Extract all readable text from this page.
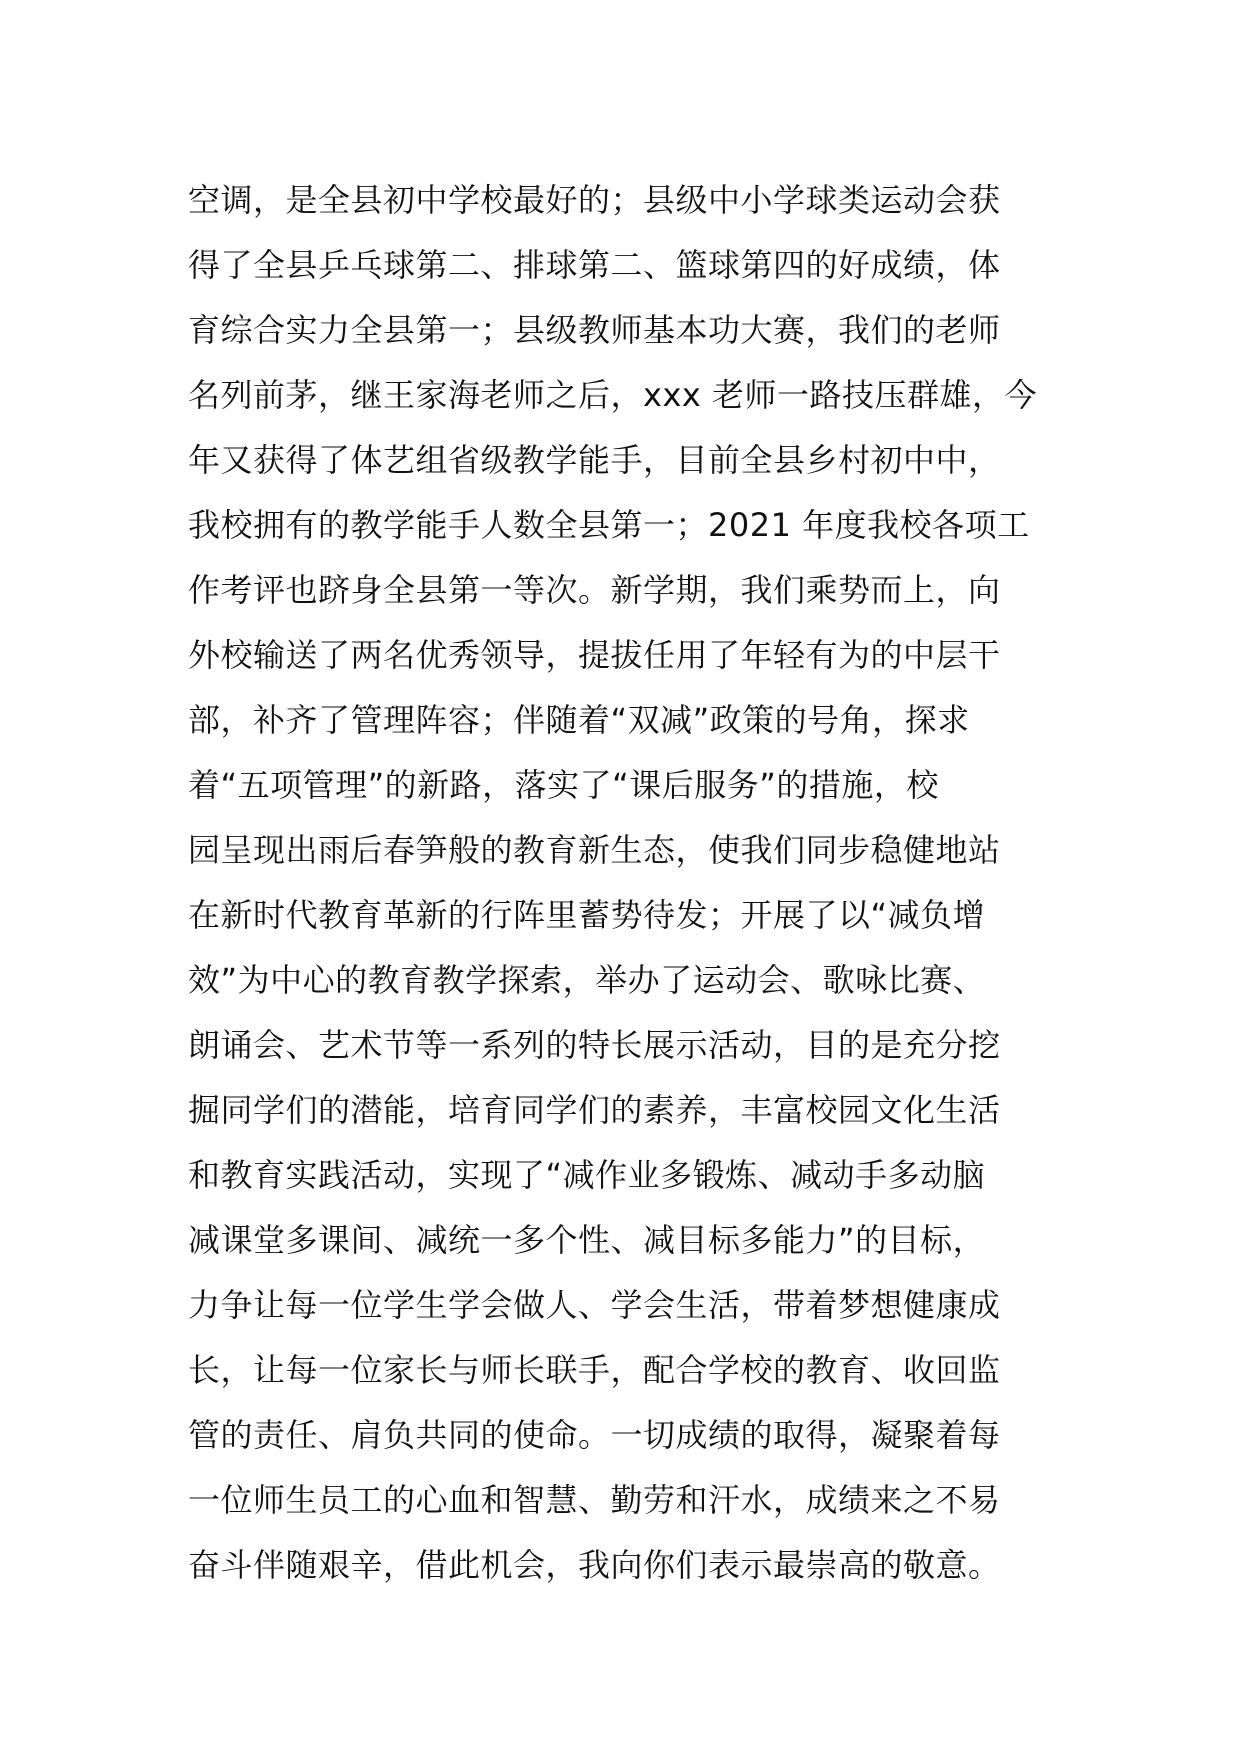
空调，是全县初中学校最好的；县级中小学球类运动会获
得了全县乒乓球第二、排球第二、篮球第四的好成绩，体
育综合实力全县第一；县级教师基本功大赛，我们的老师
名列前茅，继王家海老师之后，xxx 老师一路技压群雄，今
年又获得了体艺组省级教学能手，目前全县乡村初中中，
我校拥有的教学能手人数全县第一；2021 年度我校各项工
作考评也跻身全县第一等次。新学期，我们乘势而上，向
外校输送了两名优秀领导，提拔任用了年轻有为的中层干
部，补齐了管理阵容；伴随着“双减”政策的号角，探求
着“五项管理”的新路，落实了“课后服务”的措施，校
园呈现出雨后春笋般的教育新生态，使我们同步稳健地站
在新时代教育革新的行阵里蓄势待发；开展了以“减负增
效”为中心的教育教学探索，举办了运动会、歌咏比赛、
朗诵会、艺术节等一系列的特长展示活动，目的是充分挖
掘同学们的潜能，培育同学们的素养，丰富校园文化生活
和教育实践活动，实现了“减作业多锻炼、减动手多动脑
减课堂多课间、减统一多个性、减目标多能力”的目标，
力争让每一位学生学会做人、学会生活，带着梦想健康成
长，让每一位家长与师长联手，配合学校的教育、收回监
管的责任、肩负共同的使命。一切成绩的取得，凝聚着每
一位师生员工的心血和智慧、勤劳和汗水，成绩来之不易
奋斗伴随艰辛，借此机会，我向你们表示最崇高的敬意。
